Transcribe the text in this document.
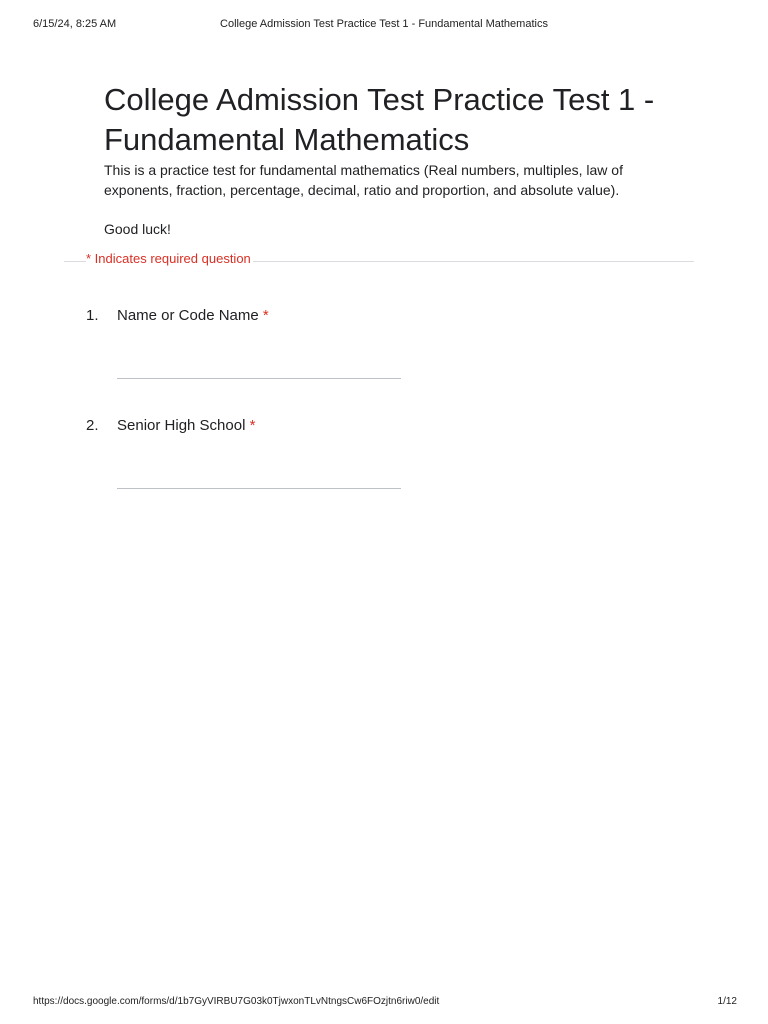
6/15/24, 8:25 AM	College Admission Test Practice Test 1 - Fundamental Mathematics
College Admission Test Practice Test 1 - Fundamental Mathematics
This is a practice test for fundamental mathematics (Real numbers, multiples, law of exponents, fraction, percentage, decimal, ratio and proportion, and absolute value).
Good luck!
* Indicates required question
1. Name or Code Name *
2. Senior High School *
https://docs.google.com/forms/d/1b7GyVIRBU7G03k0TjwxonTLvNtngsCw6FOzjtn6riw0/edit	1/12
